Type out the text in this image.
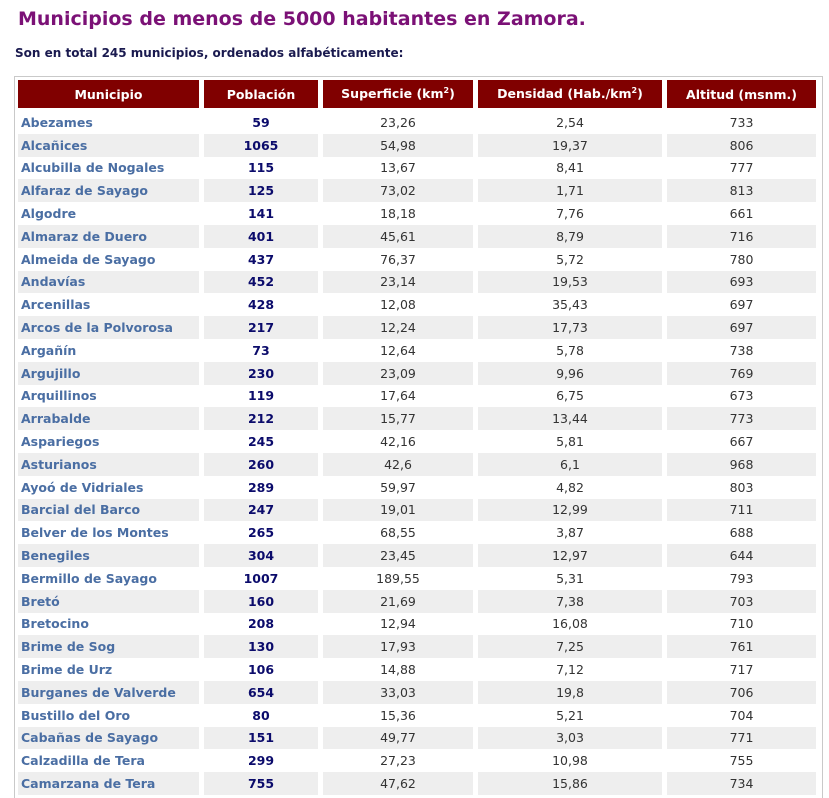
Municipios de menos de 5000 habitantes en Zamora.

Son en total 245 municipios, ordenados alfabéticamente:

Municipio	Población	Superficie $(km^2)$	Densidad $(Hab./km^2)$	Altitud (msnm.)

Abezames	59	23,26	2,54	733
Alcañices	1065	54,98	19,37	806
Alcubilla de Nogales	115	13,67	8,41	777
Alfaraz de Sayago	125	73,02	1,71	813
Algodre	141	18,18	7,76	661
Almaraz de Duero	401	45,61	8,79	716
Almeida de Sayago	437	76,37	5,72	780
Andavías	452	23,14	19,53	693
Arcenillas	428	12,08	35,43	697
Arcos de la Polvorosa	217	12,24	17,73	697
Argañín	73	12,64	5,78	738
Argujillo	230	23,09	9,96	769
Arquillinos	119	17,64	6,75	673
Arrabalde	212	15,77	13,44	773
Aspariegos	245	42,16	5,81	667
Asturianos	260	42,6	6,1	968
Ayoó de Vidriales	289	59,97	4,82	803
Barcial del Barco	247	19,01	12,99	711
Belver de los Montes	265	68,55	3,87	688
Benegiles	304	23,45	12,97	644
Bermillo de Sayago	1007	189,55	5,31	793
Bretó	160	21,69	7,38	703
Bretocino	208	12,94	16,08	710
Brime de Sog	130	17,93	7,25	761
Brime de Urz	106	14,88	7,12	717
Burganes de Valverde	654	33,03	19,8	706
Bustillo del Oro	80	15,36	5,21	704
Cabañas de Sayago	151	49,77	3,03	771
Calzadilla de Tera	299	27,23	10,98	755
Camarzana de Tera	755	47,62	15,86	734
